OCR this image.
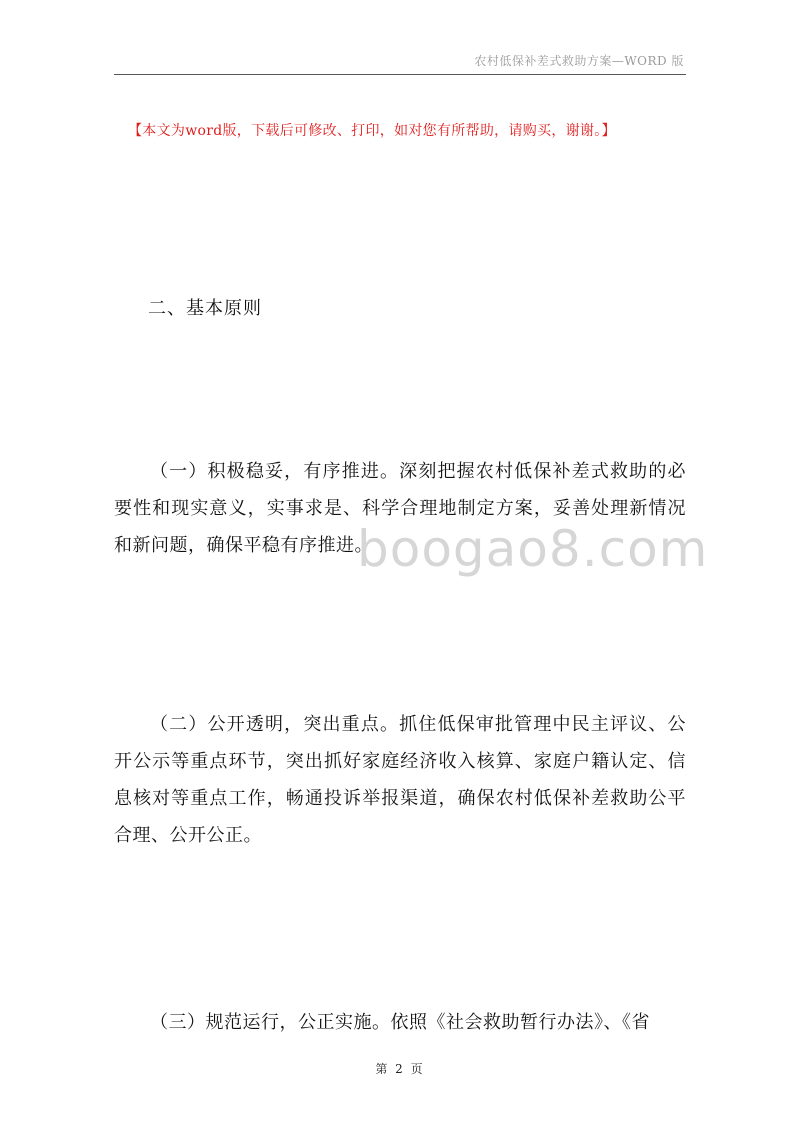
农村低保补差式救助方案—WORD 版
【本文为word版，下载后可修改、打印，如对您有所帮助，请购买，谢谢。】
二、基本原则

（一）积极稳妥，有序推进。深刻把握农村低保补差式救助的必要性和现实意义，实事求是、科学合理地制定方案，妥善处理新情况和新问题，确保平稳有序推进。

（二）公开透明，突出重点。抓住低保审批管理中民主评议、公开公示等重点环节，突出抓好家庭经济收入核算、家庭户籍认定、信息核对等重点工作，畅通投诉举报渠道，确保农村低保补差救助公平合理、公开公正。

（三）规范运行，公正实施。依照《社会救助暂行办法》、《省

bo​ogao8.com
第 2 页
